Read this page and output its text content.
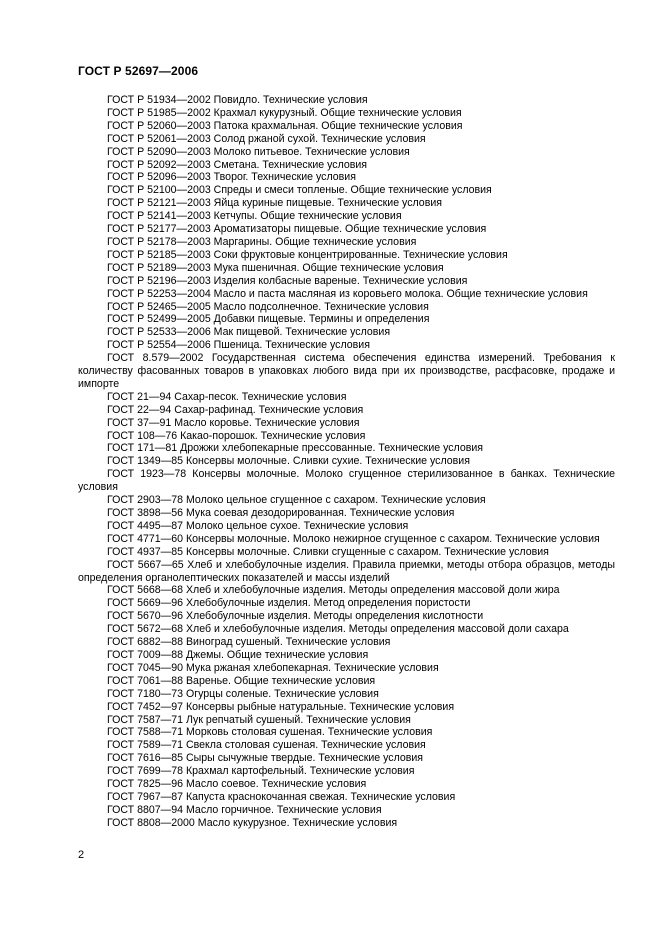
ГОСТ Р 52697—2006
ГОСТ Р 51934—2002 Повидло. Технические условия
ГОСТ Р 51985—2002 Крахмал кукурузный. Общие технические условия
ГОСТ Р 52060—2003 Патока крахмальная. Общие технические условия
ГОСТ Р 52061—2003 Солод ржаной сухой. Технические условия
ГОСТ Р 52090—2003 Молоко питьевое. Технические условия
ГОСТ Р 52092—2003 Сметана. Технические условия
ГОСТ Р 52096—2003 Творог. Технические условия
ГОСТ Р 52100—2003 Спреды и смеси топленые. Общие технические условия
ГОСТ Р 52121—2003 Яйца куриные пищевые. Технические условия
ГОСТ Р 52141—2003 Кетчупы. Общие технические условия
ГОСТ Р 52177—2003 Ароматизаторы пищевые. Общие технические условия
ГОСТ Р 52178—2003 Маргарины. Общие технические условия
ГОСТ Р 52185—2003 Соки фруктовые концентрированные. Технические условия
ГОСТ Р 52189—2003 Мука пшеничная. Общие технические условия
ГОСТ Р 52196—2003 Изделия колбасные вареные. Технические условия
ГОСТ Р 52253—2004 Масло и паста масляная из коровьего молока. Общие технические условия
ГОСТ Р 52465—2005 Масло подсолнечное. Технические условия
ГОСТ Р 52499—2005 Добавки пищевые. Термины и определения
ГОСТ Р 52533—2006 Мак пищевой. Технические условия
ГОСТ Р 52554—2006 Пшеница. Технические условия
ГОСТ 8.579—2002 Государственная система обеспечения единства измерений. Требования к количеству фасованных товаров в упаковках любого вида при их производстве, расфасовке, продаже и импорте
ГОСТ 21—94 Сахар-песок. Технические условия
ГОСТ 22—94 Сахар-рафинад. Технические условия
ГОСТ 37—91 Масло коровье. Технические условия
ГОСТ 108—76 Какао-порошок. Технические условия
ГОСТ 171—81 Дрожжи хлебопекарные прессованные. Технические условия
ГОСТ 1349—85 Консервы молочные. Сливки сухие. Технические условия
ГОСТ 1923—78 Консервы молочные. Молоко сгущенное стерилизованное в банках. Технические условия
ГОСТ 2903—78 Молоко цельное сгущенное с сахаром. Технические условия
ГОСТ 3898—56 Мука соевая дезодорированная. Технические условия
ГОСТ 4495—87 Молоко цельное сухое. Технические условия
ГОСТ 4771—60 Консервы молочные. Молоко нежирное сгущенное с сахаром. Технические условия
ГОСТ 4937—85 Консервы молочные. Сливки сгущенные с сахаром. Технические условия
ГОСТ 5667—65 Хлеб и хлебобулочные изделия. Правила приемки, методы отбора образцов, методы определения органолептических показателей и массы изделий
ГОСТ 5668—68 Хлеб и хлебобулочные изделия. Методы определения массовой доли жира
ГОСТ 5669—96 Хлебобулочные изделия. Метод определения пористости
ГОСТ 5670—96 Хлебобулочные изделия. Методы определения кислотности
ГОСТ 5672—68 Хлеб и хлебобулочные изделия. Методы определения массовой доли сахара
ГОСТ 6882—88 Виноград сушеный. Технические условия
ГОСТ 7009—88 Джемы. Общие технические условия
ГОСТ 7045—90 Мука ржаная хлебопекарная. Технические условия
ГОСТ 7061—88 Варенье. Общие технические условия
ГОСТ 7180—73 Огурцы соленые. Технические условия
ГОСТ 7452—97 Консервы рыбные натуральные. Технические условия
ГОСТ 7587—71 Лук репчатый сушеный. Технические условия
ГОСТ 7588—71 Морковь столовая сушеная. Технические условия
ГОСТ 7589—71 Свекла столовая сушеная. Технические условия
ГОСТ 7616—85 Сыры сычужные твердые. Технические условия
ГОСТ 7699—78 Крахмал картофельный. Технические условия
ГОСТ 7825—96 Масло соевое. Технические условия
ГОСТ 7967—87 Капуста краснокочанная свежая. Технические условия
ГОСТ 8807—94 Масло горчичное. Технические условия
ГОСТ 8808—2000 Масло кукурузное. Технические условия
2
